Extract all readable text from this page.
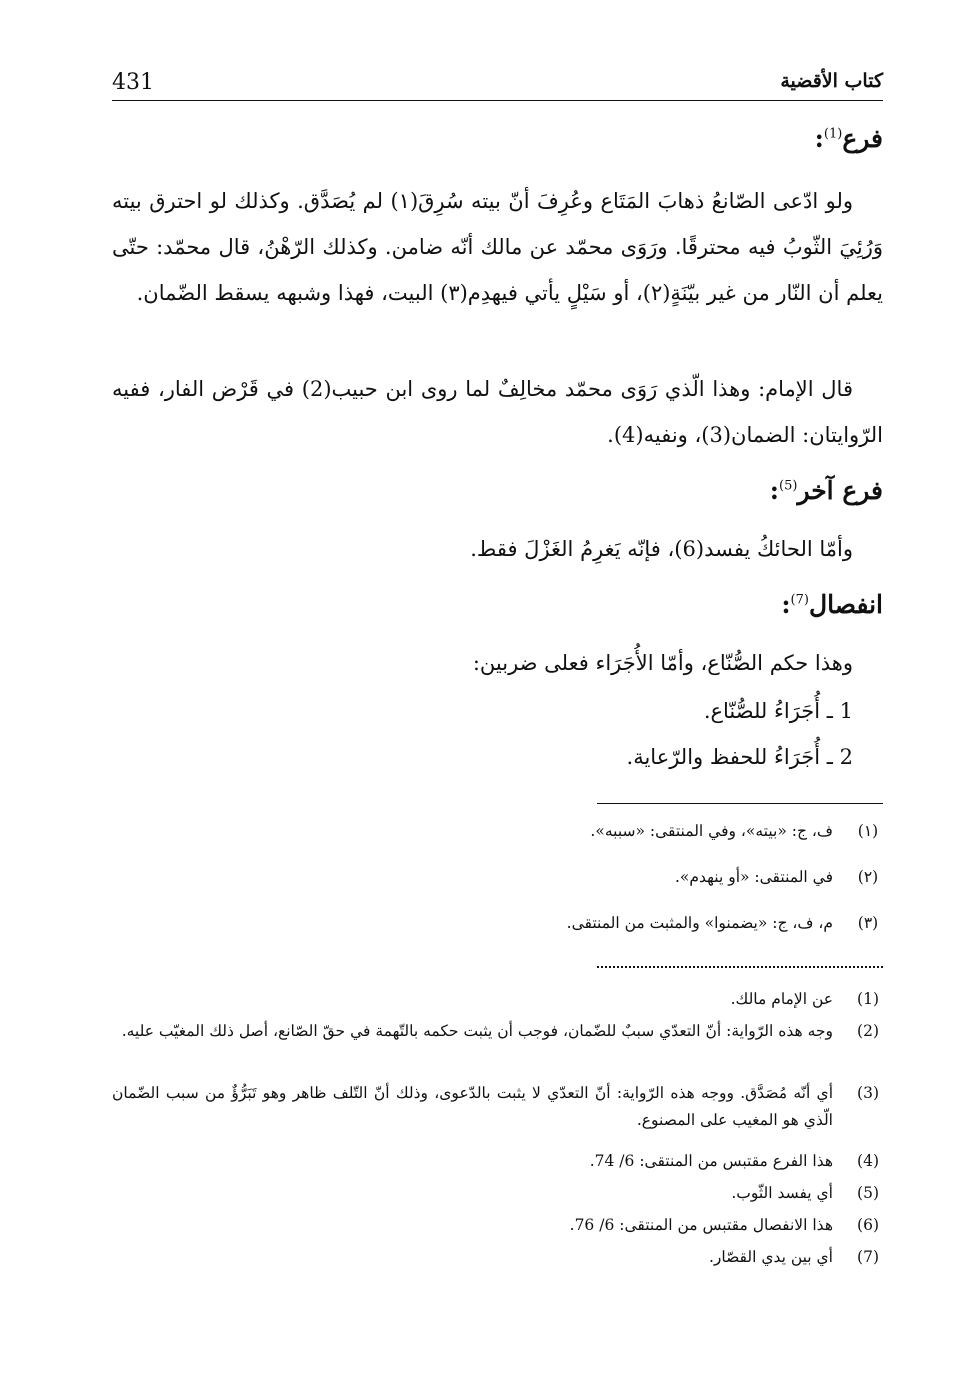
431	كتاب الأقضية
فرع$^{(1)}$:
ولو ادّعى الصّانعُ ذهابَ المَتَاع وعُرِفَ أنّ بيته سُرِقَ(١) لم يُصَدَّق. وكذلك لو احترق بيته وَرُئِيَ الثّوبُ فيه محترقًا. ورَوَى محمّد عن مالك أنّه ضامن. وكذلك الرّهْنُ، قال محمّد: حتّى يعلم أن النّار من غير بيّنَةٍ(٢)، أو سَيْلٍ يأتي فيهدِم(٣) البيت، فهذا وشبهه يسقط الضّمان.
قال الإمام: وهذا الّذي رَوَى محمّد مخالِفٌ لما روى ابن حبيب(2) في قَرْض الفار، ففيه الرّوايتان: الضمان(3)، ونفيه(4).
فرع آخر$^{(5)}$:
وأمّا الحائكُ يفسد(6)، فإنّه يَغرِمُ الغَزْلَ فقط.
انفصال$^{(7)}$:
وهذا حكم الصُّنّاع، وأمّا الأُجَرَاء فعلى ضربين:
1 ـ أُجَرَاءُ للصُّنّاع.
2 ـ أُجَرَاءُ للحفظ والرّعاية.
(١)
ف، ج: «بيته»، وفي المنتقى: «سببه».
(٢)
في المنتقى: «أو ينهدم».
(٣)
م، ف، ج: «يضمنوا» والمثبت من المنتقى.
(1)
عن الإمام مالك.
(2)
وجه هذه الرّواية: أنّ التعدّي سببٌ للضّمان، فوجب أن يثبت حكمه بالتّهمة في حقّ الصّانع، أصل ذلك المغيّب عليه.
(3)
أي أنّه مُصَدَّق. ووجه هذه الرّواية: أنّ التعدّي لا يثبت بالدّعوى، وذلك أنّ التّلف ظاهر وهو تَبَرُّؤٌ من سبب الضّمان الّذي هو المغيب على المصنوع.
(4)
هذا الفرع مقتبس من المنتقى: 6/ 74.
(5)
أي يفسد الثّوب.
(6)
هذا الانفصال مقتبس من المنتقى: 6/ 76.
(7)
أي بين يدي القصّار.
